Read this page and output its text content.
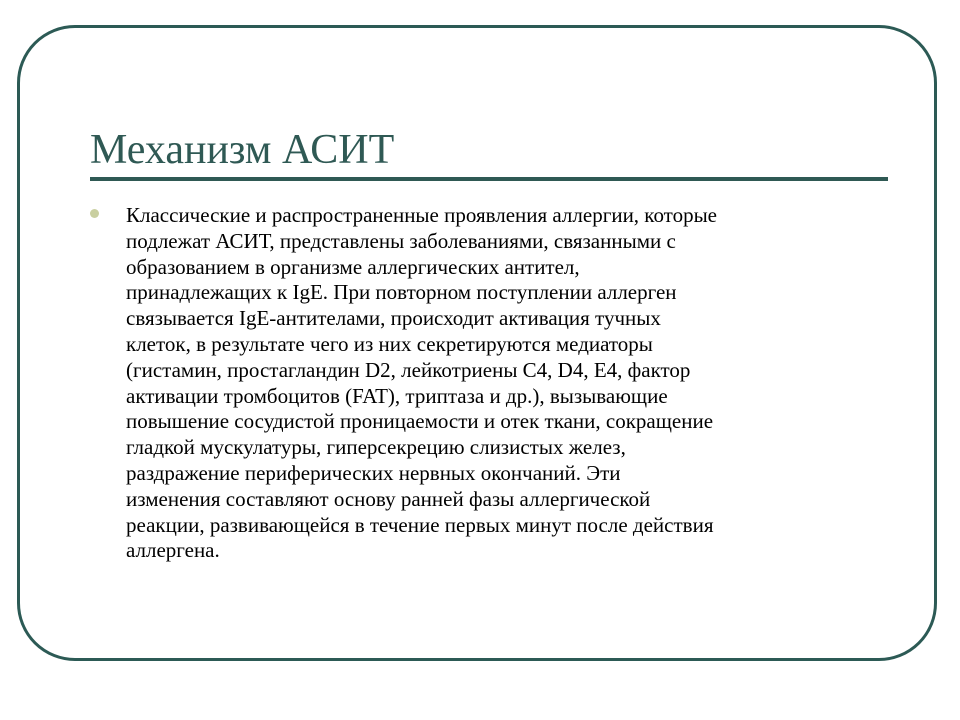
Механизм АСИТ

Классические и распространенные проявления аллергии, которые
подлежат АСИТ, представлены заболеваниями, связанными с
образованием в организме аллергических антител,
принадлежащих к IgE. При повторном поступлении аллерген
связывается IgE-антителами, происходит активация тучных
клеток, в результате чего из них секретируются медиаторы
(гистамин, простагландин D2, лейкотриены С4, D4, E4, фактор
активации тромбоцитов (FAT), триптаза и др.), вызывающие
повышение сосудистой проницаемости и отек ткани, сокращение
гладкой мускулатуры, гиперсекрецию слизистых желез,
раздражение периферических нервных окончаний. Эти
изменения составляют основу ранней фазы аллергической
реакции, развивающейся в течение первых минут после действия
аллергена.
